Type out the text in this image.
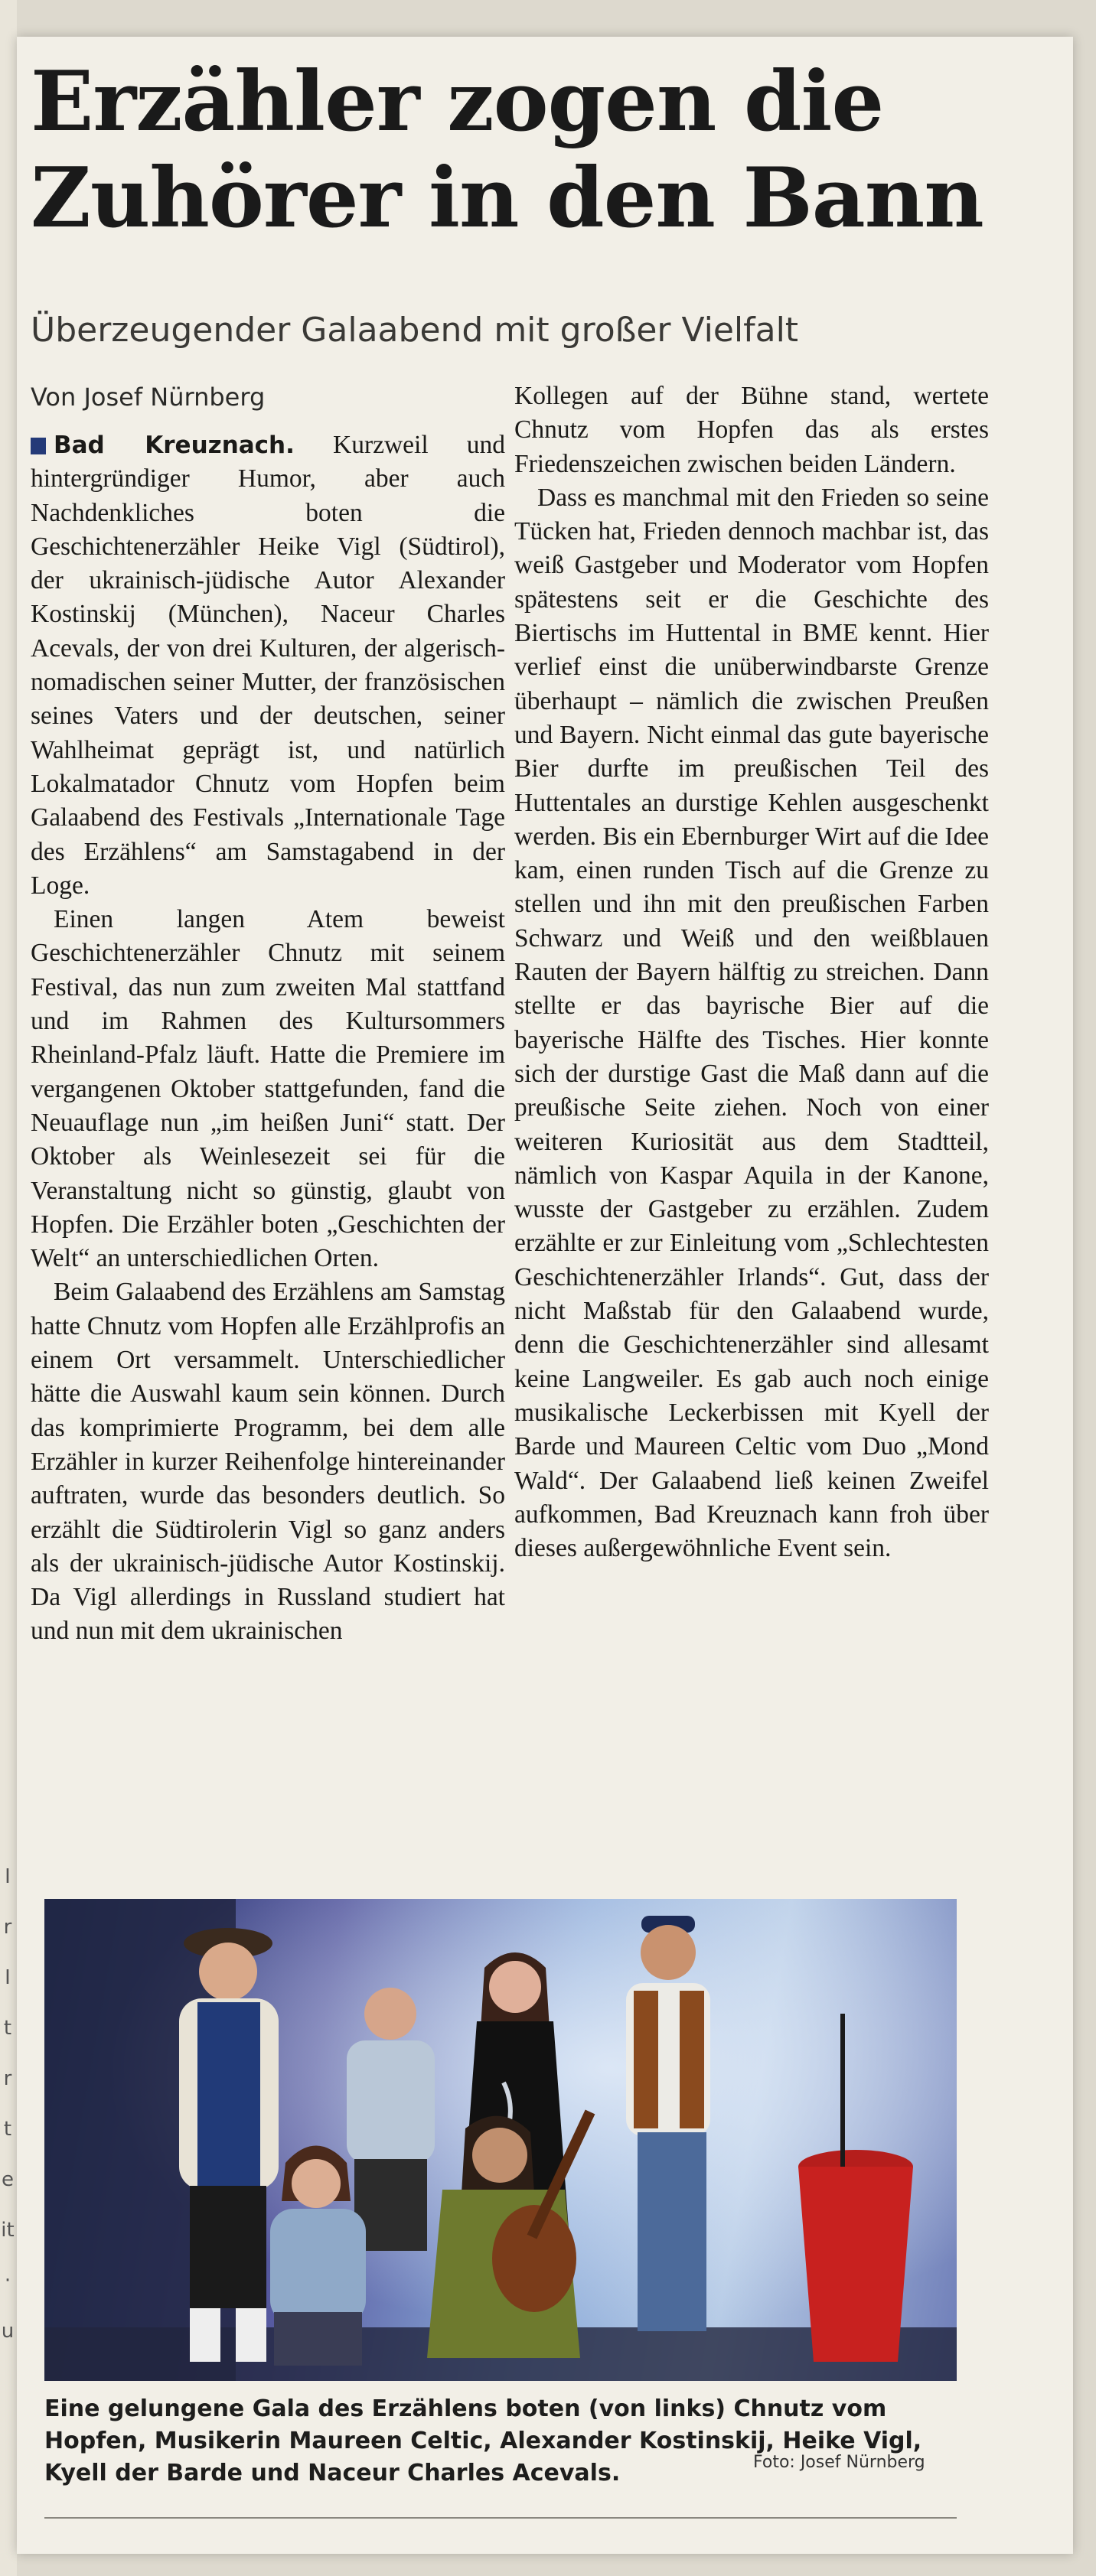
I
r
I
t
r
t
e
it
·
u
Erzähler zogen die Zuhörer in den Bann
Überzeugender Galaabend mit großer Vielfalt

Von Josef Nürnberg

Bad Kreuznach. Kurzweil und hintergründiger Humor, aber auch Nachdenkliches boten die Geschichtenerzähler Heike Vigl (Südtirol), der ukrainisch-jüdische Autor Alexander Kostinskij (München), Naceur Charles Acevals, der von drei Kulturen, der algerisch-nomadischen seiner Mutter, der französischen seines Vaters und der deutschen, seiner Wahlheimat geprägt ist, und natürlich Lokalmatador Chnutz vom Hopfen beim Galaabend des Festivals „Internationale Tage des Erzählens“ am Samstagabend in der Loge.

Einen langen Atem beweist Geschichtenerzähler Chnutz mit seinem Festival, das nun zum zweiten Mal stattfand und im Rahmen des Kultursommers Rheinland-Pfalz läuft. Hatte die Premiere im vergangenen Oktober stattgefunden, fand die Neuauflage nun „im heißen Juni“ statt. Der Oktober als Weinlesezeit sei für die Veranstaltung nicht so günstig, glaubt von Hopfen. Die Erzähler boten „Geschichten der Welt“ an unterschiedlichen Orten.

Beim Galaabend des Erzählens am Samstag hatte Chnutz vom Hopfen alle Erzählprofis an einem Ort versammelt. Unterschiedlicher hätte die Auswahl kaum sein können. Durch das komprimierte Programm, bei dem alle Erzähler in kurzer Reihenfolge hintereinander auftraten, wurde das besonders deutlich. So erzählt die Südtirolerin Vigl so ganz anders als der ukrainisch-jüdische Autor Kostinskij. Da Vigl allerdings in Russland studiert hat und nun mit dem ukrainischen

Kollegen auf der Bühne stand, wertete Chnutz vom Hopfen das als erstes Friedenszeichen zwischen beiden Ländern.

Dass es manchmal mit den Frieden so seine Tücken hat, Frieden dennoch machbar ist, das weiß Gastgeber und Moderator vom Hopfen spätestens seit er die Geschichte des Biertischs im Huttental in BME kennt. Hier verlief einst die unüberwindbarste Grenze überhaupt – nämlich die zwischen Preußen und Bayern. Nicht einmal das gute bayerische Bier durfte im preußischen Teil des Huttentales an durstige Kehlen ausgeschenkt werden. Bis ein Ebernburger Wirt auf die Idee kam, einen runden Tisch auf die Grenze zu stellen und ihn mit den preußischen Farben Schwarz und Weiß und den weißblauen Rauten der Bayern hälftig zu streichen. Dann stellte er das bayrische Bier auf die bayerische Hälfte des Tisches. Hier konnte sich der durstige Gast die Maß dann auf die preußische Seite ziehen. Noch von einer weiteren Kuriosität aus dem Stadtteil, nämlich von Kaspar Aquila in der Kanone, wusste der Gastgeber zu erzählen. Zudem erzählte er zur Einleitung vom „Schlechtesten Geschichtenerzähler Irlands“. Gut, dass der nicht Maßstab für den Galaabend wurde, denn die Geschichtenerzähler sind allesamt keine Langweiler. Es gab auch noch einige musikalische Leckerbissen mit Kyell der Barde und Maureen Celtic vom Duo „Mond Wald“. Der Galaabend ließ keinen Zweifel aufkommen, Bad Kreuznach kann froh über dieses außergewöhnliche Event sein.

Eine gelungene Gala des Erzählens boten (von links) Chnutz vom Hopfen, Musikerin Maureen Celtic, Alexander Kostinskij, Heike Vigl, Kyell der Barde und Naceur Charles Acevals.	Foto: Josef Nürnberg
